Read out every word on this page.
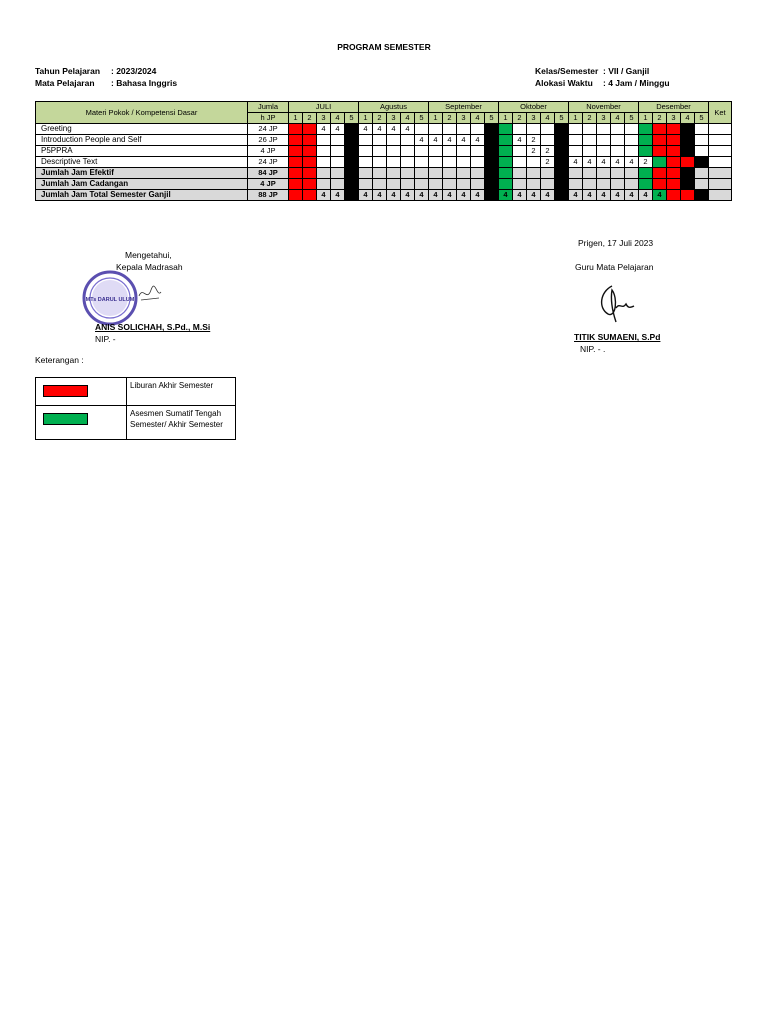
PROGRAM SEMESTER
Tahun Pelajaran : 2023/2024
Mata Pelajaran : Bahasa Inggris
Kelas/Semester : VII / Ganjil
Alokasi Waktu : 4 Jam / Minggu
Materi Pokok / Kompetensi Dasar	Jumla	JULI					Agustus					September					Oktober					November					Desember					Ket
	h JP	1	2	3	4	5	1	2	3	4	5	1	2	3	4	5	1	2	3	4	5	1	2	3	4	5	1	2	3	4	5	
Greeting	24 JP			4	4		4	4	4	4																						
Introduction People and Self	26 JP										4	4	4	4	4			4	2													
P5PPRA	4 JP																		2	2												
Descriptive Text	24 JP																			2		4	4	4	4	4	2					
Jumlah Jam Efektif	84 JP																															
Jumlah Jam Cadangan	4 JP																															
Jumlah Jam Total Semester Ganjil	88 JP			4	4		4	4	4	4	4	4	4	4	4		4	4	4	4		4	4	4	4	4	4	4				
Prigen, 17 Juli 2023
Mengetahui,
Kepala Madrasah	Guru Mata Pelajaran
MTs DARUL ULUM
ANIS SOLICHAH, S.Pd., M.Si
NIP. -	TITIK SUMAENI, S.Pd
NIP. - .
Keterangan :
	Liburan Akhir Semester

	Asesmen Sumatif Tengah Semester/ Akhir Semester
